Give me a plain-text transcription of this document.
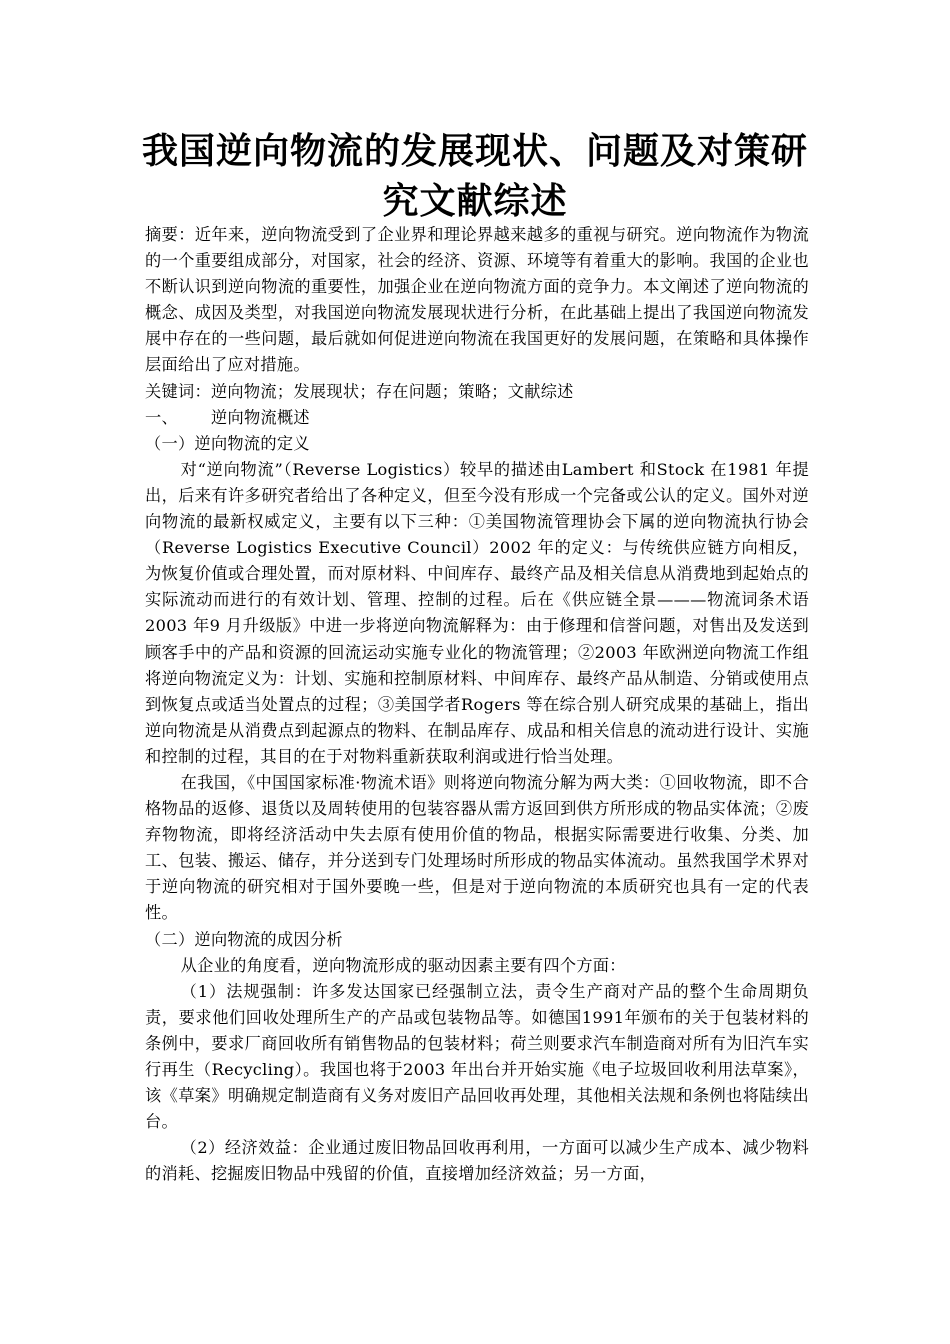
我国逆向物流的发展现状、问题及对策研
究文献综述

摘要：近年来，逆向物流受到了企业界和理论界越来越多的重视与研究。逆向物流作为物流的一个重要组成部分，对国家，社会的经济、资源、环境等有着重大的影响。我国的企业也不断认识到逆向物流的重要性，加强企业在逆向物流方面的竞争力。本文阐述了逆向物流的概念、成因及类型，对我国逆向物流发展现状进行分析，在此基础上提出了我国逆向物流发展中存在的一些问题，最后就如何促进逆向物流在我国更好的发展问题，在策略和具体操作层面给出了应对措施。

关键词：逆向物流；发展现状；存在问题；策略；文献综述

一、 逆向物流概述

（一）逆向物流的定义

对“逆向物流”（Reverse Logistics）较早的描述由Lambert 和Stock 在1981 年提出，后来有许多研究者给出了各种定义，但至今没有形成一个完备或公认的定义。国外对逆向物流的最新权威定义，主要有以下三种：①美国物流管理协会下属的逆向物流执行协会（Reverse Logistics Executive Council）2002 年的定义：与传统供应链方向相反，为恢复价值或合理处置，而对原材料、中间库存、最终产品及相关信息从消费地到起始点的实际流动而进行的有效计划、管理、控制的过程。后在《供应链全景———物流词条术语2003 年9 月升级版》中进一步将逆向物流解释为：由于修理和信誉问题，对售出及发送到顾客手中的产品和资源的回流运动实施专业化的物流管理；②2003 年欧洲逆向物流工作组将逆向物流定义为：计划、实施和控制原材料、中间库存、最终产品从制造、分销或使用点到恢复点或适当处置点的过程；③美国学者Rogers 等在综合别人研究成果的基础上，指出逆向物流是从消费点到起源点的物料、在制品库存、成品和相关信息的流动进行设计、实施和控制的过程，其目的在于对物料重新获取利润或进行恰当处理。

在我国，《中国国家标准·物流术语》则将逆向物流分解为两大类：①回收物流，即不合格物品的返修、退货以及周转使用的包装容器从需方返回到供方所形成的物品实体流；②废弃物物流，即将经济活动中失去原有使用价值的物品，根据实际需要进行收集、分类、加工、包装、搬运、储存，并分送到专门处理场时所形成的物品实体流动。虽然我国学术界对于逆向物流的研究相对于国外要晚一些，但是对于逆向物流的本质研究也具有一定的代表性。

（二）逆向物流的成因分析

从企业的角度看，逆向物流形成的驱动因素主要有四个方面：

（1）法规强制：许多发达国家已经强制立法，责令生产商对产品的整个生命周期负责，要求他们回收处理所生产的产品或包装物品等。如德国1991年颁布的关于包装材料的条例中，要求厂商回收所有销售物品的包装材料；荷兰则要求汽车制造商对所有为旧汽车实行再生（Recycling）。我国也将于2003 年出台并开始实施《电子垃圾回收利用法草案》，该《草案》明确规定制造商有义务对废旧产品回收再处理，其他相关法规和条例也将陆续出台。

（2）经济效益：企业通过废旧物品回收再利用，一方面可以减少生产成本、减少物料的消耗、挖掘废旧物品中残留的价值，直接增加经济效益；另一方面，
